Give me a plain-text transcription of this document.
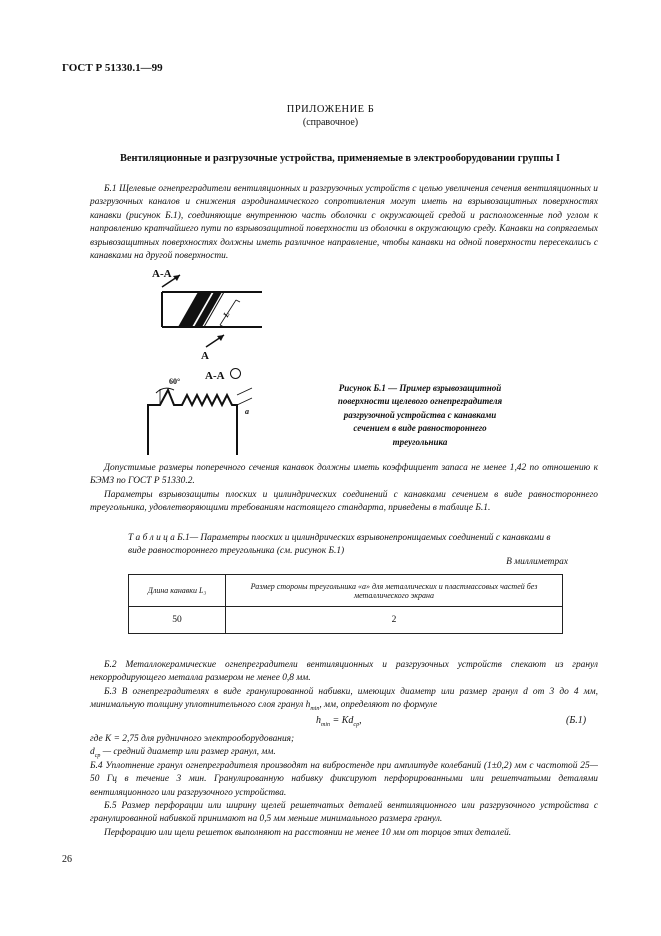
ГОСТ Р 51330.1—99
ПРИЛОЖЕНИЕ Б
(справочное)
Вентиляционные и разгрузочные устройства, применяемые в электрооборудовании группы I
Б.1 Щелевые огнепреградители вентиляционных и разгрузочных устройств с целью увеличения сечения вентиляционных и разгрузочных каналов и снижения аэродинамического сопротивления могут иметь на взрывозащитных поверхностях канавки (рисунок Б.1), соединяющие внутреннюю часть оболочки с окружающей средой и расположенные под углом к направлению кратчайшего пути по взрывозащитной поверхности из оболочки в окружающую среду. Канавки на сопрягаемых взрывозащитных поверхностях должны иметь различное направление, чтобы канавки на одной поверхности пересекались с канавками на другой поверхности.
А-А
А
А-А
60°
L
a
Рисунок Б.1 — Пример взрывозащитной поверхности щелевого огнепреградителя разгрузочной устройства с канавками сечением в виде равностороннего треугольника
Допустимые размеры поперечного сечения канавок должны иметь коэффициент запаса не менее 1,42 по отношению к БЭМЗ по ГОСТ Р 51330.2.
Параметры взрывозащиты плоских и цилиндрических соединений с канавками сечением в виде равностороннего треугольника, удовлетворяющими требованиям настоящего стандарта, приведены в таблице Б.1.
Т а б л и ц а Б.1— Параметры плоских и цилиндрических взрывонепроницаемых соединений с канавками в виде равностороннего треугольника (см. рисунок Б.1)
В миллиметрах
Длина канавки L₃	Размер стороны треугольника «а» для металлических и пластмассовых частей без металлического экрана
50	2
Б.2 Металлокерамические огнепреградители вентиляционных и разгрузочных устройств спекают из гранул некорродирующего металла размером не менее 0,8 мм.
Б.3 В огнепреградителях в виде гранулированной набивки, имеющих диаметр или размер гранул d от 3 до 4 мм, минимальную толщину уплотнительного слоя гранул $h_{min}$, мм, определяют по формуле
$h_{min} = Kd_{ср}$,	(Б.1)
где K = 2,75 для рудничного электрооборудования;
$d_{ср}$ — средний диаметр или размер гранул, мм.
Б.4 Уплотнение гранул огнепреградителя производят на вибростенде при амплитуде колебаний (1±0,2) мм с частотой 25—50 Гц в течение 3 мин. Гранулированную набивку фиксируют перфорированными или решетчатыми деталями вентиляционного или разгрузочного устройства.
Б.5 Размер перфорации или ширину щелей решетчатых деталей вентиляционного или разгрузочного устройства с гранулированной набивкой принимают на 0,5 мм меньше минимального размера гранул.
Перфорацию или щели решеток выполняют на расстоянии не менее 10 мм от торцов этих деталей.
26
